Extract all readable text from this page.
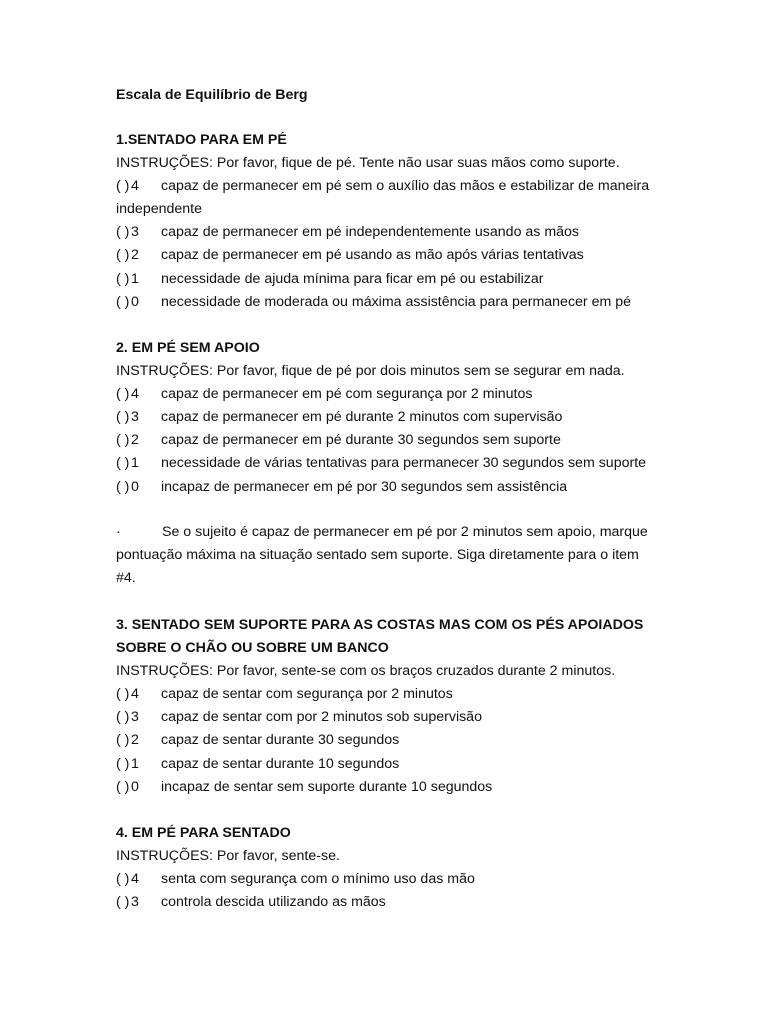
Escala de Equilíbrio de Berg
1.SENTADO PARA EM PÉ
INSTRUÇÕES: Por favor, fique de pé. Tente não usar suas mãos como suporte.
( ) 4	capaz de permanecer em pé sem o auxílio das mãos e estabilizar de maneira
independente
( ) 3	capaz de permanecer em pé independentemente usando as mãos
( ) 2	capaz de permanecer em pé usando as mão após várias tentativas
( ) 1	necessidade de ajuda mínima para ficar em pé ou estabilizar
( ) 0	necessidade de moderada ou máxima assistência para permanecer em pé
2. EM PÉ SEM APOIO
INSTRUÇÕES: Por favor, fique de pé por dois minutos sem se segurar em nada.
( ) 4	capaz de permanecer em pé com segurança por 2 minutos
( ) 3	capaz de permanecer em pé durante 2 minutos com supervisão
( ) 2	capaz de permanecer em pé durante 30 segundos sem suporte
( ) 1	necessidade de várias tentativas para permanecer 30 segundos sem suporte
( ) 0	incapaz de permanecer em pé por 30 segundos sem assistência
·	Se o sujeito é capaz de permanecer em pé por 2 minutos sem apoio, marque pontuação máxima na situação sentado sem suporte. Siga diretamente para o item #4.
3. SENTADO SEM SUPORTE PARA AS COSTAS MAS COM OS PÉS APOIADOS
SOBRE O CHÃO OU SOBRE UM BANCO
INSTRUÇÕES: Por favor, sente-se com os braços cruzados durante 2 minutos.
( ) 4	capaz de sentar com segurança por 2 minutos
( ) 3	capaz de sentar com por 2 minutos sob supervisão
( ) 2	capaz de sentar durante 30 segundos
( ) 1	capaz de sentar durante 10 segundos
( ) 0	incapaz de sentar sem suporte durante 10 segundos
4. EM PÉ PARA SENTADO
INSTRUÇÕES: Por favor, sente-se.
( ) 4	senta com segurança com o mínimo uso das mão
( ) 3	controla descida utilizando as mãos
